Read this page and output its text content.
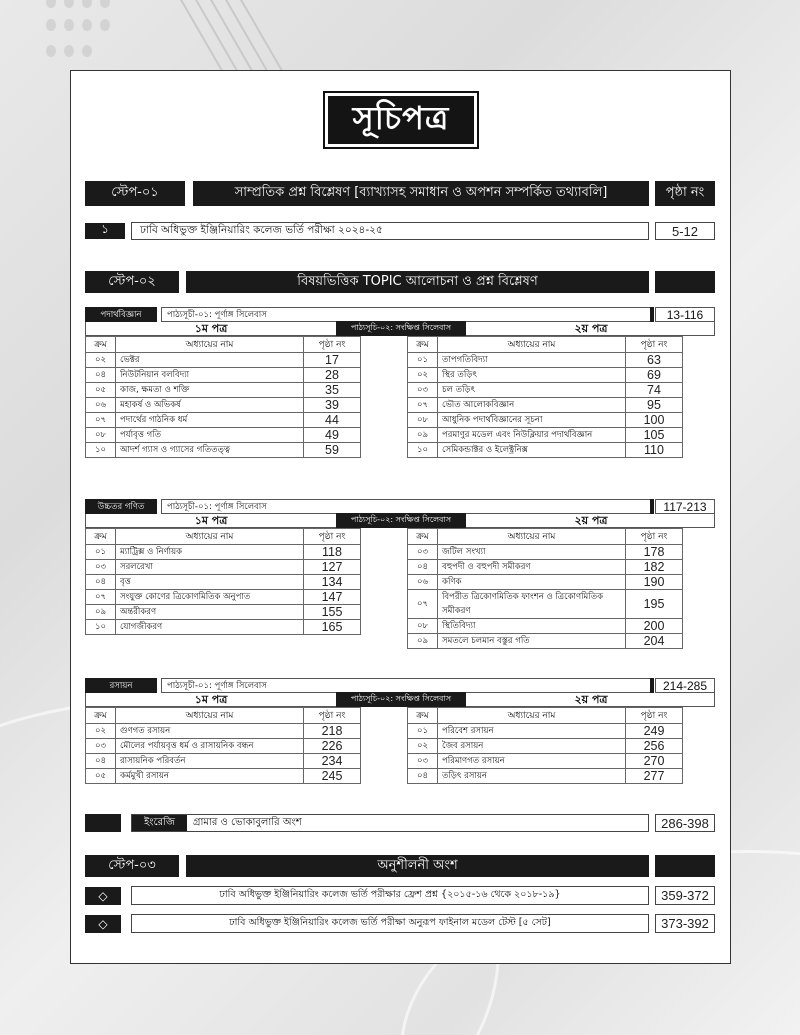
সূচিপত্র
স্টেপ-০১	সাম্প্রতিক প্রশ্ন বিশ্লেষণ [ব্যাখ্যাসহ সমাধান ও অপশন সম্পর্কিত তথ্যাবলি]	পৃষ্ঠা নং
১	ঢাবি অধিভুক্ত ইঞ্জিনিয়ারিং কলেজ ভর্তি পরীক্ষা ২০২৪-২৫	5-12
স্টেপ-০২	বিষয়ভিত্তিক TOPIC আলোচনা ও প্রশ্ন বিশ্লেষণ
পদার্থবিজ্ঞান	পাঠ্যসূচী-০১: পূর্ণাঙ্গ সিলেবাস	13-116
১ম পত্র	পাঠ্যসূচি-০২: সংক্ষিপ্ত সিলেবাস	২য় পত্র
ক্রম	অধ্যায়ের নাম	পৃষ্ঠা নং
০২	ভেক্টর	17
০৪	নিউটনিয়ান বলবিদ্যা	28
০৫	কাজ, ক্ষমতা ও শক্তি	35
০৬	মহাকর্ষ ও অভিকর্ষ	39
০৭	পদার্থের গাঠনিক ধর্ম	44
০৮	পর্যাবৃত্ত গতি	49
১০	আদর্শ গ্যাস ও গ্যাসের গতিতত্ত্ব	59
ক্রম	অধ্যায়ের নাম	পৃষ্ঠা নং
০১	তাপগতিবিদ্যা	63
০২	স্থির তড়িৎ	69
০৩	চল তড়িৎ	74
০৭	ভৌত আলোকবিজ্ঞান	95
০৮	আধুনিক পদার্থবিজ্ঞানের সূচনা	100
০৯	পরমাণুর মডেল এবং নিউক্লিয়ার পদার্থবিজ্ঞান	105
১০	সেমিকন্ডাক্টর ও ইলেক্ট্রনিক্স	110
উচ্চতর গণিত	পাঠ্যসূচী-০১: পূর্ণাঙ্গ সিলেবাস	117-213
১ম পত্র	পাঠ্যসূচি-০২: সংক্ষিপ্ত সিলেবাস	২য় পত্র
ক্রম	অধ্যায়ের নাম	পৃষ্ঠা নং
০১	ম্যাট্রিক্স ও নির্ণায়ক	118
০৩	সরলরেখা	127
০৪	বৃত্ত	134
০৭	সংযুক্ত কোণের ত্রিকোণমিতিক অনুপাত	147
০৯	অন্তরীকরণ	155
১০	যোগজীকরণ	165
ক্রম	অধ্যায়ের নাম	পৃষ্ঠা নং
০৩	জটিল সংখ্যা	178
০৪	বহুপদী ও বহুপদী সমীকরণ	182
০৬	কণিক	190
০৭	বিপরীত ত্রিকোণমিতিক ফাংশন ও ত্রিকোণমিতিক সমীকরণ	195
০৮	স্থিতিবিদ্যা	200
০৯	সমতলে চলমান বস্তুর গতি	204
রসায়ন	পাঠ্যসূচী-০১: পূর্ণাঙ্গ সিলেবাস	214-285
১ম পত্র	পাঠ্যসূচি-০২: সংক্ষিপ্ত সিলেবাস	২য় পত্র
ক্রম	অধ্যায়ের নাম	পৃষ্ঠা নং
০২	গুণগত রসায়ন	218
০৩	মৌলের পর্যায়বৃত্ত ধর্ম ও রাসায়নিক বন্ধন	226
০৪	রাসায়নিক পরিবর্তন	234
০৫	কর্মমুখী রসায়ন	245
ক্রম	অধ্যায়ের নাম	পৃষ্ঠা নং
০১	পরিবেশ রসায়ন	249
০২	জৈব রসায়ন	256
০৩	পরিমাণগত রসায়ন	270
০৪	তড়িৎ রসায়ন	277
ইংরেজি	গ্রামার ও ভোকাবুলারি অংশ	286-398
স্টেপ-০৩	অনুশীলনী অংশ
◇	ঢাবি অধিভুক্ত ইঞ্জিনিয়ারিং কলেজ ভর্তি পরীক্ষার ফ্রেশ প্রশ্ন {২০১৫-১৬ থেকে ২০১৮-১৯}	359-372
◇	ঢাবি অধিভুক্ত ইঞ্জিনিয়ারিং কলেজ ভর্তি পরীক্ষা অনুরূপ ফাইনাল মডেল টেস্ট [৫ সেট]	373-392
